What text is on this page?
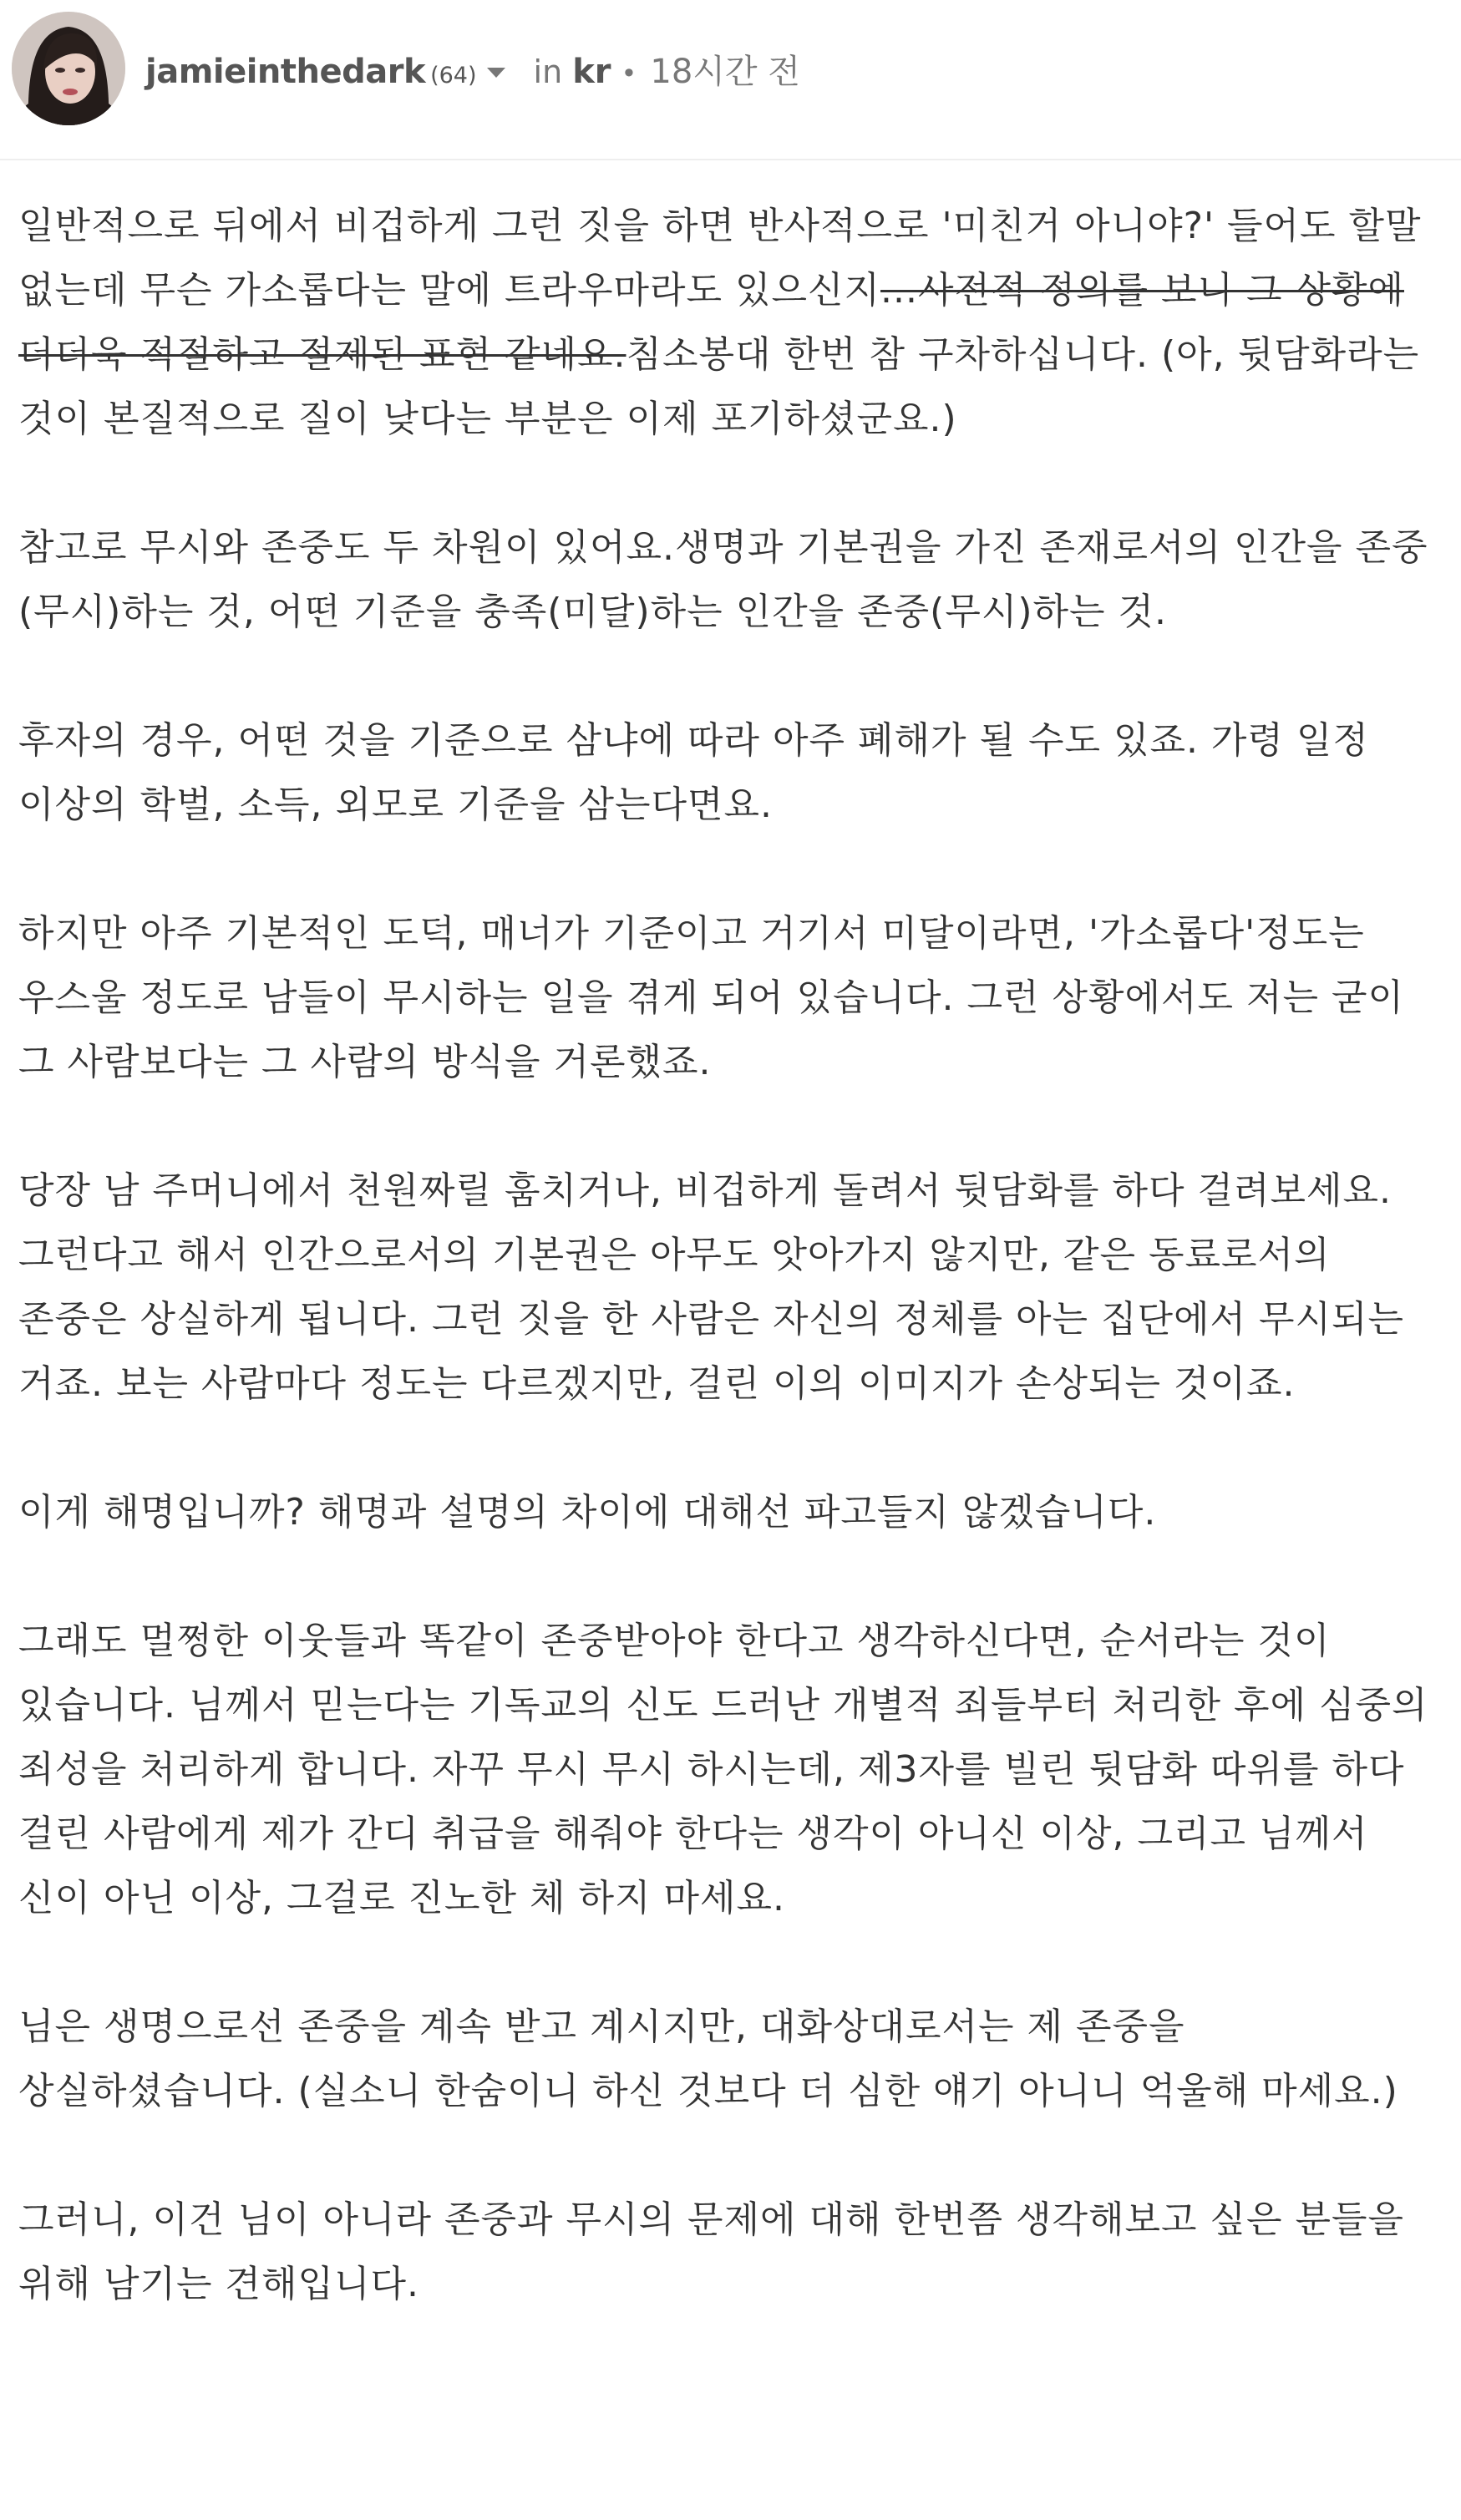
jamieinthedark (64) in kr • 18시간 전

일반적으로 뒤에서 비겁하게 그런 짓을 하면 반사적으로 '미친거 아니야?' 들어도 할말 없는데 무슨 가소롭다는 말에 트라우마라도 있으신지...사전적 정의를 보니 그 상황에 더더욱 적절하고 절제된 표현 같네요.침소봉대 한번 참 구차하십니다. (아, 뒷담화라는 것이 본질적으로 질이 낮다는 부분은 이제 포기하셨군요.)

참고로 무시와 존중도 두 차원이 있어요.생명과 기본권을 가진 존재로서의 인간을 존중(무시)하는 것, 어떤 기준을 충족(미달)하는 인간을 존중(무시)하는 것.

후자의 경우, 어떤 것을 기준으로 삼냐에 따라 아주 폐해가 될 수도 있죠. 가령 일정 이상의 학벌, 소득, 외모로 기준을 삼는다면요.

하지만 아주 기본적인 도덕, 매너가 기준이고 거기서 미달이라면, '가소롭다'정도는 우스울 정도로 남들이 무시하는 일을 겪게 되어 있습니다. 그런 상황에서도 저는 굳이 그 사람보다는 그 사람의 방식을 거론했죠.

당장 남 주머니에서 천원짜릴 훔치거나, 비겁하게 돌려서 뒷담화를 하다 걸려보세요. 그런다고 해서 인간으로서의 기본권은 아무도 앗아가지 않지만, 같은 동료로서의 존중은 상실하게 됩니다. 그런 짓을 한 사람은 자신의 정체를 아는 집단에서 무시되는 거죠. 보는 사람마다 정도는 다르겠지만, 걸린 이의 이미지가 손상되는 것이죠.

이게 해명입니까? 해명과 설명의 차이에 대해선 파고들지 않겠습니다.

그래도 멀쩡한 이웃들과 똑같이 존중받아야 한다고 생각하신다면, 순서라는 것이 있습니다. 님께서 믿는다는 기독교의 신도 드러난 개별적 죄들부터 처리한 후에 심중의 죄성을 처리하게 합니다. 자꾸 무시 무시 하시는데, 제3자를 빌린 뒷담화 따위를 하다 걸린 사람에게 제가 간디 취급을 해줘야 한다는 생각이 아니신 이상, 그리고 님께서 신이 아닌 이상, 그걸로 진노한 체 하지 마세요.

님은 생명으로선 존중을 계속 받고 계시지만, 대화상대로서는 제 존중을 상실하셨습니다. (실소니 한숨이니 하신 것보다 더 심한 얘기 아니니 억울해 마세요.)

그러니, 이건 님이 아니라 존중과 무시의 문제에 대해 한번쯤 생각해보고 싶은 분들을 위해 남기는 견해입니다.
